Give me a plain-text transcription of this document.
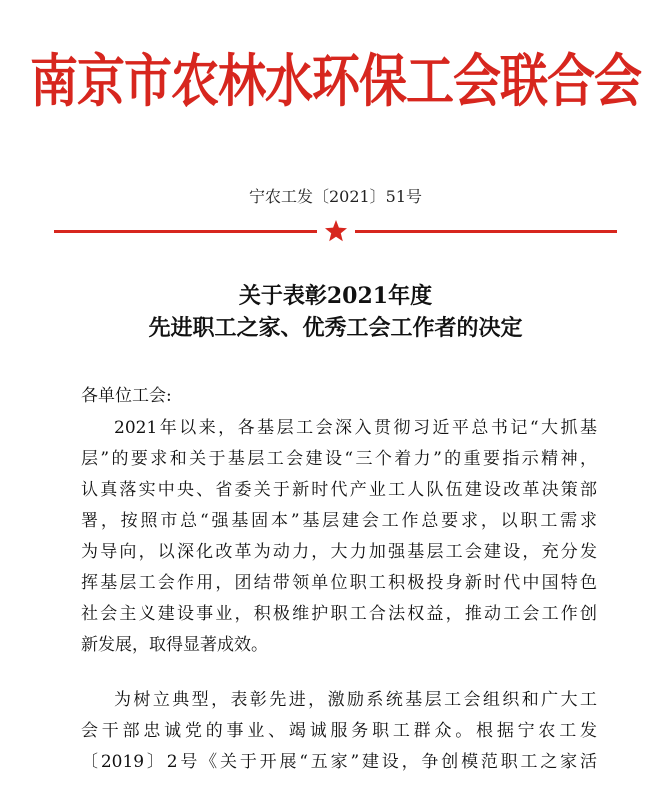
南京市农林水环保工会联合会
宁农工发〔2021〕51号
关于表彰2021年度
先进职工之家、优秀工会工作者的决定
各单位工会:
2021年以来，各基层工会深入贯彻习近平总书记“大抓基
层”的要求和关于基层工会建设“三个着力”的重要指示精神，
认真落实中央、省委关于新时代产业工人队伍建设改革决策部
署，按照市总“强基固本”基层建会工作总要求，以职工需求
为导向，以深化改革为动力，大力加强基层工会建设，充分发
挥基层工会作用，团结带领单位职工积极投身新时代中国特色
社会主义建设事业，积极维护职工合法权益，推动工会工作创
新发展，取得显著成效。
为树立典型，表彰先进，激励系统基层工会组织和广大工
会干部忠诚党的事业、竭诚服务职工群众。根据宁农工发
〔2019〕2号《关于开展“五家”建设，争创模范职工之家活
